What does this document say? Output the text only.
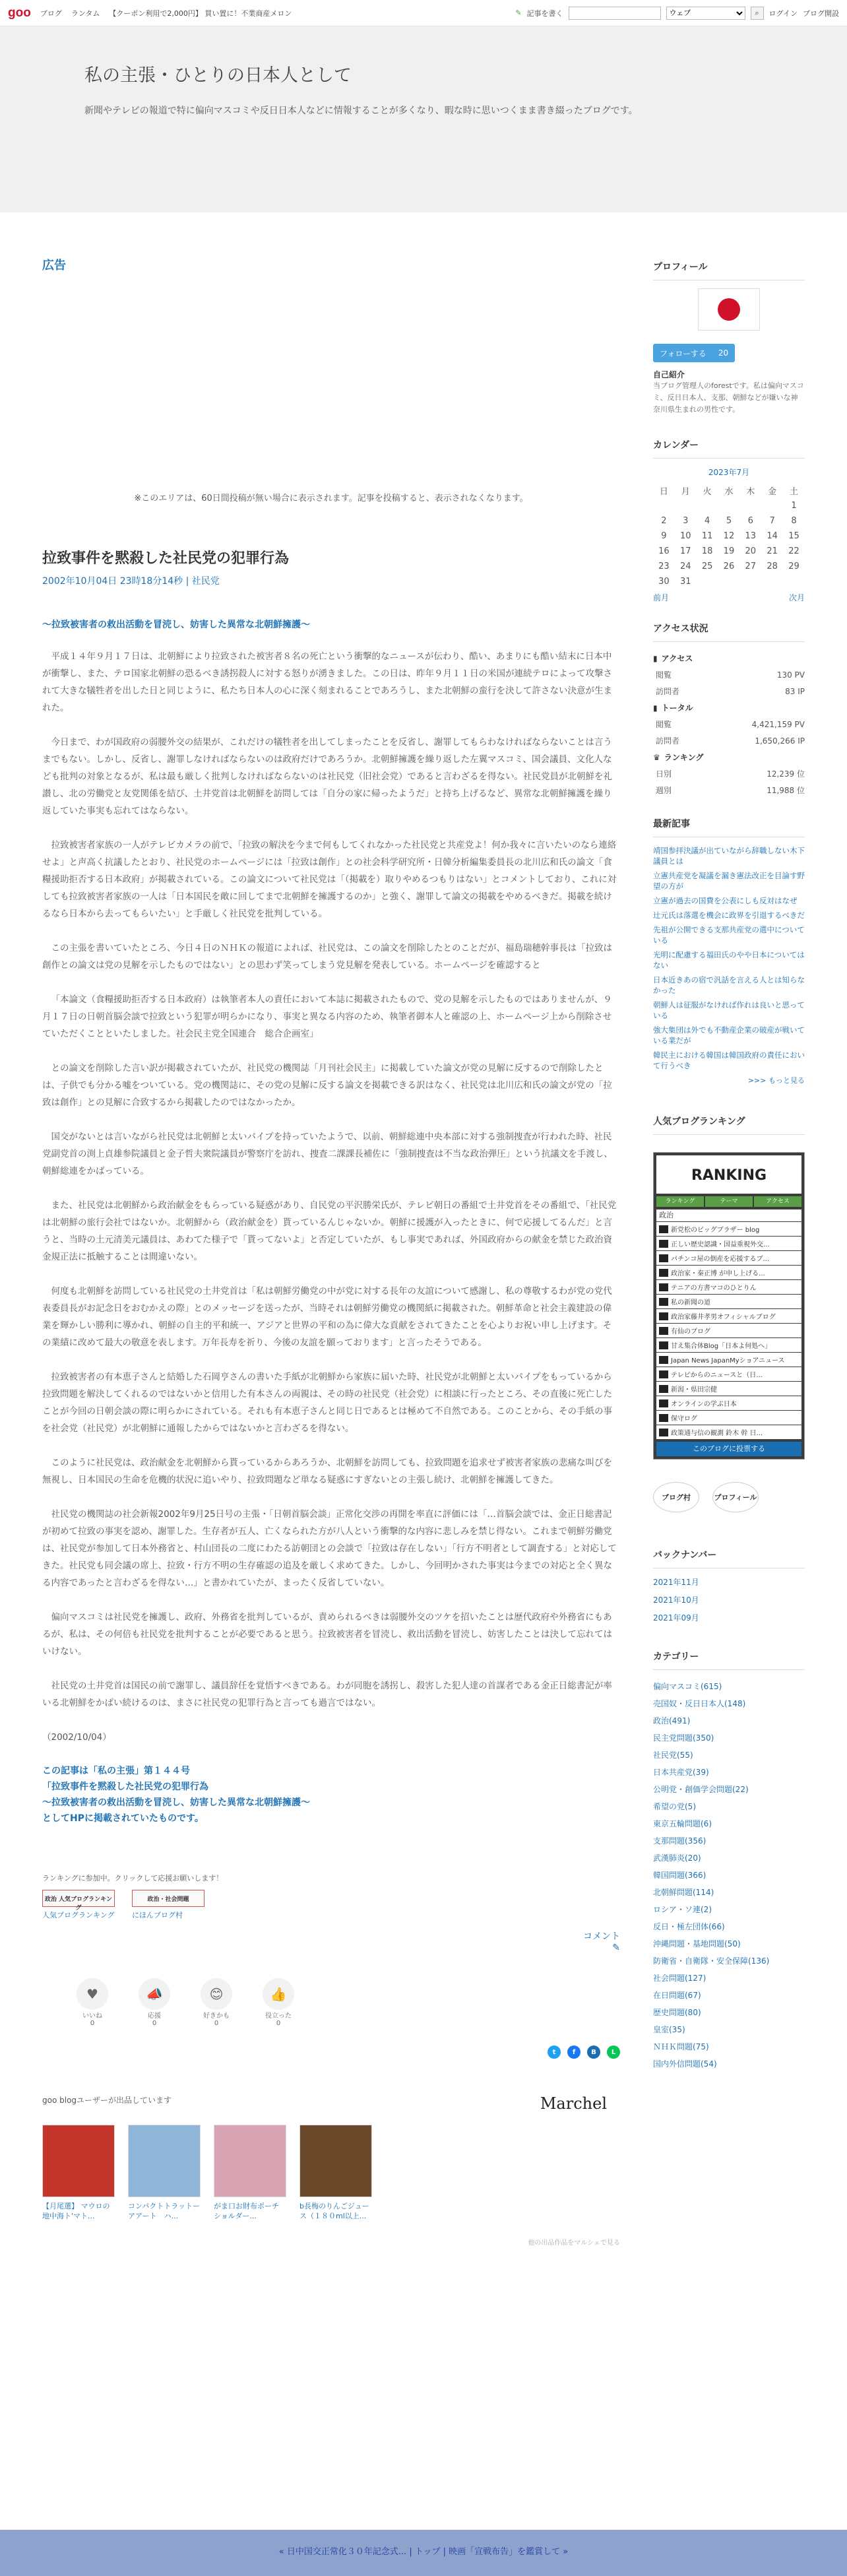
goo ブログ ランタム 【クーポン利用で2,000円】 買い置に！不業商産メロン	✎ 記事を書く
ウェブ	⌕	ログイン ブログ開設
私の主張・ひとりの日本人として

新聞やテレビの報道で特に偏向マスコミや反日日本人などに情報することが多くなり、暇な時に思いつくまま書き綴ったブログです。

広告
※このエリアは、60日間投稿が無い場合に表示されます。記事を投稿すると、表示されなくなります。
拉致事件を黙殺した社民党の犯罪行為
2002年10月04日 23時18分14秒 | 社民党
～拉致被害者の救出活動を冒涜し、妨害した異常な北朝鮮擁護～
平成１４年９月１７日は、北朝鮮により拉致された被害者８名の死亡という衝撃的なニュースが伝わり、酷い、あまりにも酷い結末に日本中が衝撃し、また、テロ国家北朝鮮の恐るべき誘拐殺人に対する怒りが湧きました。この日は、昨年９月１１日の米国が連続テロによって攻撃されて大きな犠牲者を出した日と同じように、私たち日本人の心に深く刻まれることであろうし、また北朝鮮の蛮行を決して許さない決意が生まれた。
今日まで、わが国政府の弱腰外交の結果が、これだけの犠牲者を出してしまったことを反省し、謝罪してもらわなければならないことは言うまでもない。しかし、反省し、謝罪しなければならないのは政府だけであろうか。北朝鮮擁護を繰り返した左翼マスコミ、国会議員、文化人なども批判の対象となるが、私は最も厳しく批判しなければならないのは社民党（旧社会党）であると言わざるを得ない。社民党員が北朝鮮を礼讃し、北の労働党と友党関係を結び、土井党首は北朝鮮を訪問しては「自分の家に帰ったようだ」と持ち上げるなど、異常な北朝鮮擁護を繰り返していた事実も忘れてはならない。
拉致被害者家族の一人がテレビカメラの前で、「拉致の解決を今まで何もしてくれなかった社民党と共産党よ！何か我々に言いたいのなら連絡せよ」と声高く抗議したとおり、社民党のホームページには「拉致は創作」との社会科学研究所・日韓分析編集委員長の北川広和氏の論文「食糧援助拒否する日本政府」が掲載されている。この論文について社民党は「（掲載を）取りやめるつもりはない」とコメントしており、これに対しても拉致被害者家族の一人は「日本国民を敵に回してまで北朝鮮を擁護するのか」と強く、謝罪して論文の掲載をやめるべきだ。掲載を続けるなら日本から去ってもらいたい」と手厳しく社民党を批判している。
この主張を書いていたところ、今日４日のＮＨＫの報道によれば、社民党は、この論文を削除したとのことだが、福島瑞穂幹事長は「拉致は創作との論文は党の見解を示したものではない」との思わず笑ってしまう党見解を発表している。ホームページを確認すると
「本論文（食糧援助拒否する日本政府）は執筆者本人の責任において本誌に掲載されたもので、党の見解を示したものではありませんが、９月１７日の日朝首脳会談で拉致という犯罪が明らかになり、事実と異なる内容のため、執筆者御本人と確認の上、ホームページ上から削除させていただくことといたしました。社会民主党全国連合　総合企画室」
との論文を削除した言い訳が掲載されていたが、社民党の機関誌「月刊社会民主」に掲載していた論文が党の見解に反するので削除したとは、子供でも分かる嘘をついている。党の機関誌に、その党の見解に反する論文を掲載できる訳はなく、社民党は北川広和氏の論文が党の「拉致は創作」との見解に合致するから掲載したのではなかったか。
国交がないとは言いながら社民党は北朝鮮と太いパイプを持っていたようで、以前、朝鮮総連中央本部に対する強制捜査が行われた時、社民党副党首の渕上貞雄参院議員と金子哲夫衆院議員が警察庁を訪れ、捜査二課課長補佐に「強制捜査は不当な政治弾圧」という抗議文を手渡し、朝鮮総連をかばっている。
また、社民党は北朝鮮から政治献金をもらっている疑惑があり、自民党の平沢勝栄氏が、テレビ朝日の番組で土井党首をその番組で、「社民党は北朝鮮の旅行会社ではないか。北朝鮮から（政治献金を）貰っているんじゃないか。朝鮮に援護が入ったときに、何で応援してるんだ」と言うと、当時の土元清美元議員は、あわてた様子で「貰ってないよ」と否定していたが、もし事実であれば、外国政府からの献金を禁じた政治資金規正法に抵触することは間違いない。
何度も北朝鮮を訪問している社民党の土井党首は「私は朝鮮労働党の中が党に対する長年の友誼について感謝し、私の尊敬するわが党の党代表委員長がお記念日をおむかえの際」とのメッセージを送ったが、当時それは朝鮮労働党の機関紙に掲載された。朝鮮革命と社会主義建設の偉業を輝かしい勝利に導かれ、朝鮮の自主的平和統一、アジアと世界の平和の為に偉大な貢献をされてきたことを心よりお祝い申し上げます。その業績に改めて最大の敬意を表します。万年長寿を祈り、今後の友誼を願っております」と言ったそうである。
拉致被害者の有本恵子さんと結婚した石岡亨さんの書いた手紙が北朝鮮から家族に届いた時、社民党が北朝鮮と太いパイプをもっているから拉致問題を解決してくれるのではないかと信用した有本さんの両親は、その時の社民党（社会党）に相談に行ったところ、その直後に死亡したことが今回の日朝会談の際に明らかにされている。それも有本恵子さんと同じ日であるとは極めて不自然である。このことから、その手紙の事を社会党（社民党）が北朝鮮に通報したからではないかと言わざるを得ない。
このように社民党は、政治献金を北朝鮮から貰っているからあろうか、北朝鮮を訪問しても、拉致問題を追求せず被害者家族の悲痛な叫びを無視し、日本国民の生命を危機的状況に追いやり、拉致問題など単なる疑惑にすぎないとの主張し続け、北朝鮮を擁護してきた。
社民党の機関誌の社会新報2002年9月25日号の主張・「日朝首脳会談」正常化交渉の再開を率直に評価には「…首脳会談では、金正日総書記が初めて拉致の事実を認め、謝罪した。生存者が五人、亡くなられた方が八人という衝撃的な内容に悲しみを禁じ得ない。これまで朝鮮労働党は、社民党が参加して日本外務省と、村山団長の二度にわたる訪朝団との会談で「拉致は存在しない」「行方不明者として調査する」と対応してきた。社民党も同会議の席上、拉致・行方不明の生存確認の追及を厳しく求めてきた。しかし、今回明かされた事実は今までの対応と全く異なる内容であったと言わざるを得ない…」と書かれていたが、まったく反省していない。
偏向マスコミは社民党を擁護し、政府、外務省を批判しているが、責められるべきは弱腰外交のツケを招いたことは歴代政府や外務省にもあるが、私は、その何倍も社民党を批判することが必要であると思う。拉致被害者を冒涜し、救出活動を冒涜し、妨害したことは決して忘れてはいけない。
社民党の土井党首は国民の前で謝罪し、議員辞任を覚悟すべきである。わが同胞を誘拐し、殺害した犯人達の首謀者である金正日総書記が率いる北朝鮮をかばい続けるのは、まさに社民党の犯罪行為と言っても過言ではない。
（2002/10/04）
この記事は「私の主張」第１４４号
「拉致事件を黙殺した社民党の犯罪行為
～拉致被害者の救出活動を冒涜し、妨害した異常な北朝鮮擁護～
としてHPに掲載されていたものです。
ランキングに参加中。クリックして応援お願いします！
政治 人気ブログランキング
人気ブログランキング
政治・社会問題
にほんブログ村
コメント
✎
♥
いいね
0
📣
応援
0
😊
好きかも
0
👍
役立った
0
t	f	B	L
goo blogユーザーが出品しています	Marchel
【月尾選】 マウロの地中海ト'マト...
コンパクトトラットーアアート　ハ...
がま口お財布ポーチ ショルダー...
b長梅のりんごジュース（１８０ml以上...
他の出品作品をマルシェで見る
プロフィール
フォローする 20
自己紹介
当ブログ管理人のforestです。私は偏向マスコミ、反日日本人、支那、朝鮮などが嫌いな神奈川県生まれの男性です。
カレンダー
2023年7月
日	月	火	水	木	金	土
						1
2	3	4	5	6	7	8
9	10	11	12	13	14	15
16	17	18	19	20	21	22
23	24	25	26	27	28	29
30	31					
前月	次月
アクセス状況
▮ アクセス
閲覧	130 PV
訪問者	83 IP
▮ トータル
閲覧	4,421,159 PV
訪問者	1,650,266 IP
♛ ランキング
日別	12,239 位
週別	11,988 位
最新記事
靖国参拝決議が出ていながら辞職しない木下議員とは
立憲共産党を凝議を漏き憲法改正を目論す野望の方が
立憲が過去の国費を公表にしも反対はなぜ
辻元氏は落選を機会に政界を引退するべきだ
先祖が公開できる支那共産党の選中についている
光明に配慮する福田氏のやや日本についてはない
日本近きあの宿で汎話を言える人とは知らなかった
朝鮮人は征服がなければ作れは良いと思っている
強大集団は外でも不動産企業の破産が戦いている業だが
韓民主における韓国は韓国政府の責任において行うべき
>>> もっと見る
人気ブログランキング
RANKING
ランキング	テーマ	アクセス
政治
新党松のビッグブラザー blog
正しい歴史認識・国益重視外交...
パチンコ屋の倒産を応援するブ...
政治家・秦正博 が申し上げる...
テニアの方書マコのひとりん
私の新聞の道
政治家藤井孝男オフィシャルブログ
有仙のブログ
甘え集合体Blog「日本よ何処へ」
Japan News JapanMyショアニュース
テレビからのニュースと（日...
新潟・県田宗健
オンラインの学ぶ日本
保守ログ
政策通与信の観測 鈴木 幹 日...
このブログに投票する
ブログ村	プロフィール
バックナンバー
2021年11月
2021年10月
2021年09月
カテゴリー
偏向マスコミ(615)
売国奴・反日日本人(148)
政治(491)
民主党問題(350)
社民党(55)
日本共産党(39)
公明党・創価学会問題(22)
希望の党(5)
東京五輪問題(6)
支那問題(356)
武漢肺炎(20)
韓国問題(366)
北朝鮮問題(114)
ロシア・ソ連(2)
反日・極左団体(66)
沖縄問題・基地問題(50)
防衛省・自衛隊・安全保障(136)
社会問題(127)
在日問題(67)
歴史問題(80)
皇室(35)
ＮＨＫ問題(75)
国内外信問題(54)
« 日中国交正常化３０年記念式... | トップ | 映画「宣戦布告」を鑑賞して »
